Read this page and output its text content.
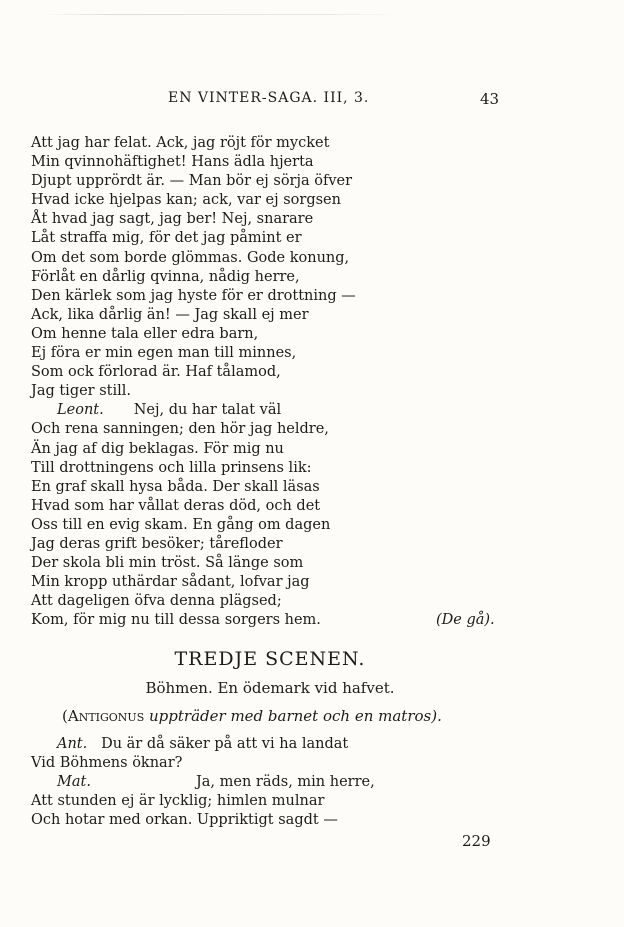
EN VINTER-SAGA. III, 3.	43
Att jag har felat. Ack, jag röjt för mycket
Min qvinnohäftighet! Hans ädla hjerta
Djupt upprördt är. — Man bör ej sörja öfver
Hvad icke hjelpas kan; ack, var ej sorgsen
Åt hvad jag sagt, jag ber! Nej, snarare
Låt straffa mig, för det jag påmint er
Om det som borde glömmas. Gode konung,
Förlåt en dårlig qvinna, nådig herre,
Den kärlek som jag hyste för er drottning —
Ack, lika dårlig än! — Jag skall ej mer
Om henne tala eller edra barn,
Ej föra er min egen man till minnes,
Som ock förlorad är. Haf tålamod,
Jag tiger still.
Leont. Nej, du har talat väl
Och rena sanningen; den hör jag heldre,
Än jag af dig beklagas. För mig nu
Till drottningens och lilla prinsens lik:
En graf skall hysa båda. Der skall läsas
Hvad som har vållat deras död, och det
Oss till en evig skam. En gång om dagen
Jag deras grift besöker; tårefloder
Der skola bli min tröst. Så länge som
Min kropp uthärdar sådant, lofvar jag
Att dageligen öfva denna plägsed;
Kom, för mig nu till dessa sorgers hem.	(De gå).
TREDJE SCENEN.
Böhmen. En ödemark vid hafvet.
(Antigonus uppträder med barnet och en matros).
Ant. Du är då säker på att vi ha landat
Vid Böhmens öknar?
Mat.	Ja, men räds, min herre,
Att stunden ej är lycklig; himlen mulnar
Och hotar med orkan. Uppriktigt sagdt —
229
